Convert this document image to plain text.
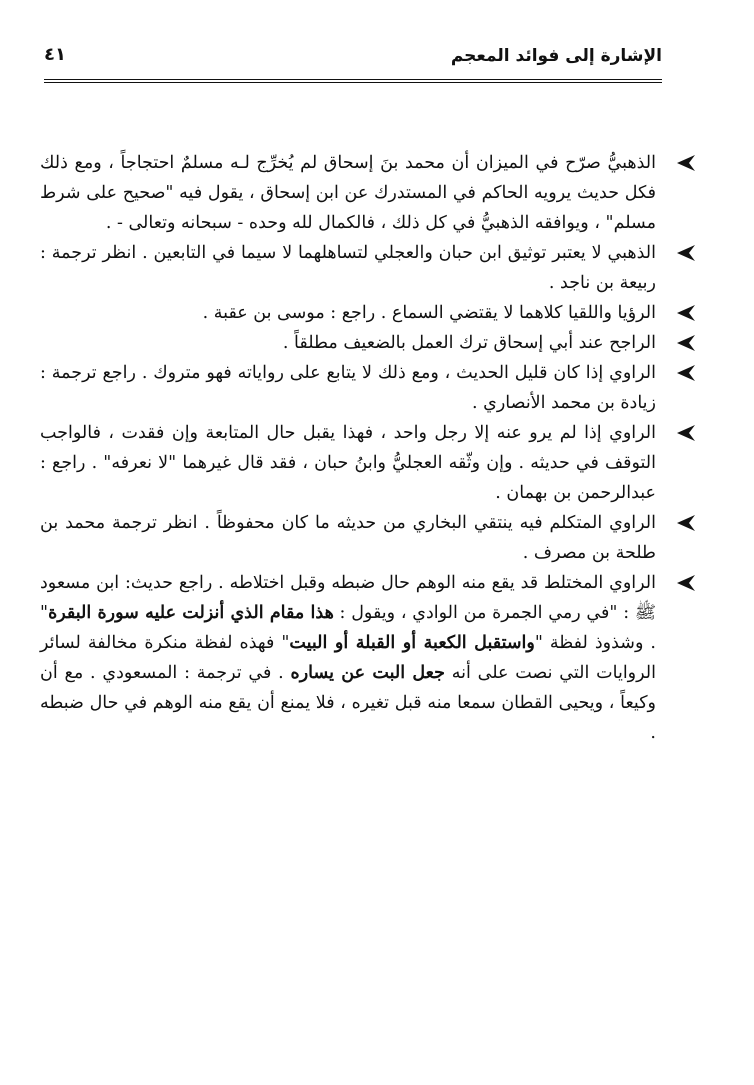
الإشارة إلى فوائد المعجم
٤١
الذهبيُّ صرّح في الميزان أن محمد بنَ إسحاق لم يُخرِّج لـه مسلمٌ احتجاجاً ، ومع ذلك فكل حديث يرويه الحاكم في المستدرك عن ابن إسحاق ، يقول فيه "صحيح على شرط مسلم" ، ويوافقه الذهبيُّ في كل ذلك ، فالكمال لله وحده - سبحانه وتعالى - .
الذهبي لا يعتبر توثيق ابن حبان والعجلي لتساهلهما لا سيما في التابعين . انظر ترجمة : ربيعة بن ناجد .
الرؤيا واللقيا كلاهما لا يقتضي السماع . راجع : موسى بن عقبة .
الراجح عند أبي إسحاق ترك العمل بالضعيف مطلقاً .
الراوي إذا كان قليل الحديث ، ومع ذلك لا يتابع على رواياته فهو متروك . راجع ترجمة : زيادة بن محمد الأنصاري .
الراوي إذا لم يرو عنه إلا رجل واحد ، فهذا يقبل حال المتابعة وإن فقدت ، فالواجب التوقف في حديثه . وإن وثّقه العجليُّ وابنُ حبان ، فقد قال غيرهما "لا نعرفه" . راجع : عبدالرحمن بن بهمان .
الراوي المتكلم فيه ينتقي البخاري من حديثه ما كان محفوظاً . انظر ترجمة محمد بن طلحة بن مصرف .
الراوي المختلط قد يقع منه الوهم حال ضبطه وقبل اختلاطه . راجع حديث: ابن مسعود ﷺ : "في رمي الجمرة من الوادي ، ويقول : هذا مقام الذي أنزلت عليه سورة البقرة" . وشذوذ لفظة "واستقبل الكعبة أو القبلة أو البيت" فهذه لفظة منكرة مخالفة لسائر الروايات التي نصت على أنه جعل البت عن يساره . في ترجمة : المسعودي . مع أن وكيعاً ، ويحيى القطان سمعا منه قبل تغيره ، فلا يمنع أن يقع منه الوهم في حال ضبطه .
